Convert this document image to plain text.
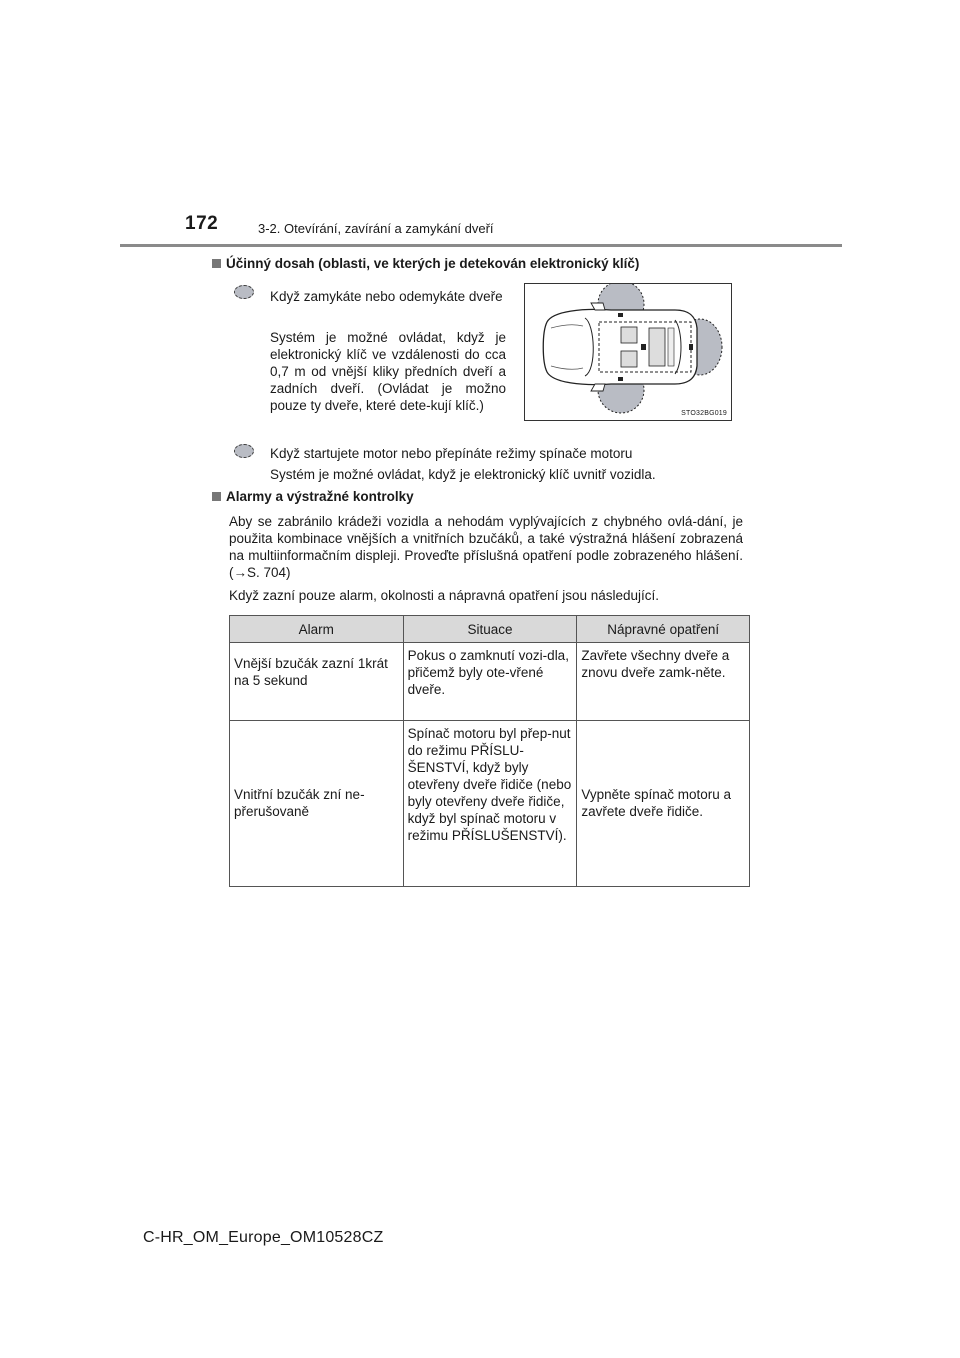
172	3-2. Otevírání, zavírání a zamykání dveří
Účinný dosah (oblasti, ve kterých je detekován elektronický klíč)
Když zamykáte nebo odemykáte dveře
Systém je možné ovládat, když je elektronický klíč ve vzdálenosti do cca 0,7 m od vnější kliky předních dveří a zadních dveří. (Ovládat je možno pouze ty dveře, které dete-kují klíč.)
STO32BG019
Když startujete motor nebo přepínáte režimy spínače motoru
Systém je možné ovládat, když je elektronický klíč uvnitř vozidla.
Alarmy a výstražné kontrolky
Aby se zabránilo krádeži vozidla a nehodám vyplývajících z chybného ovlá-dání, je použita kombinace vnějších a vnitřních bzučáků, a také výstražná hlášení zobrazená na multiinformačním displeji. Proveďte příslušná opatření podle zobrazeného hlášení. (→S. 704)
Když zazní pouze alarm, okolnosti a nápravná opatření jsou následující.
Alarm	Situace	Nápravné opatření
Vnější bzučák zazní 1krát na 5 sekund	Pokus o zamknutí vozi-dla, přičemž byly ote-vřené dveře.	Zavřete všechny dveře a znovu dveře zamk-něte.
Vnitřní bzučák zní ne-přerušovaně	Spínač motoru byl přep-nut do režimu PŘÍSLU-ŠENSTVÍ, když byly otevřeny dveře řidiče (nebo byly otevřeny dveře řidiče, když byl spínač motoru v režimu PŘÍSLUŠENSTVÍ).	Vypněte spínač motoru a zavřete dveře řidiče.
C-HR_OM_Europe_OM10528CZ
